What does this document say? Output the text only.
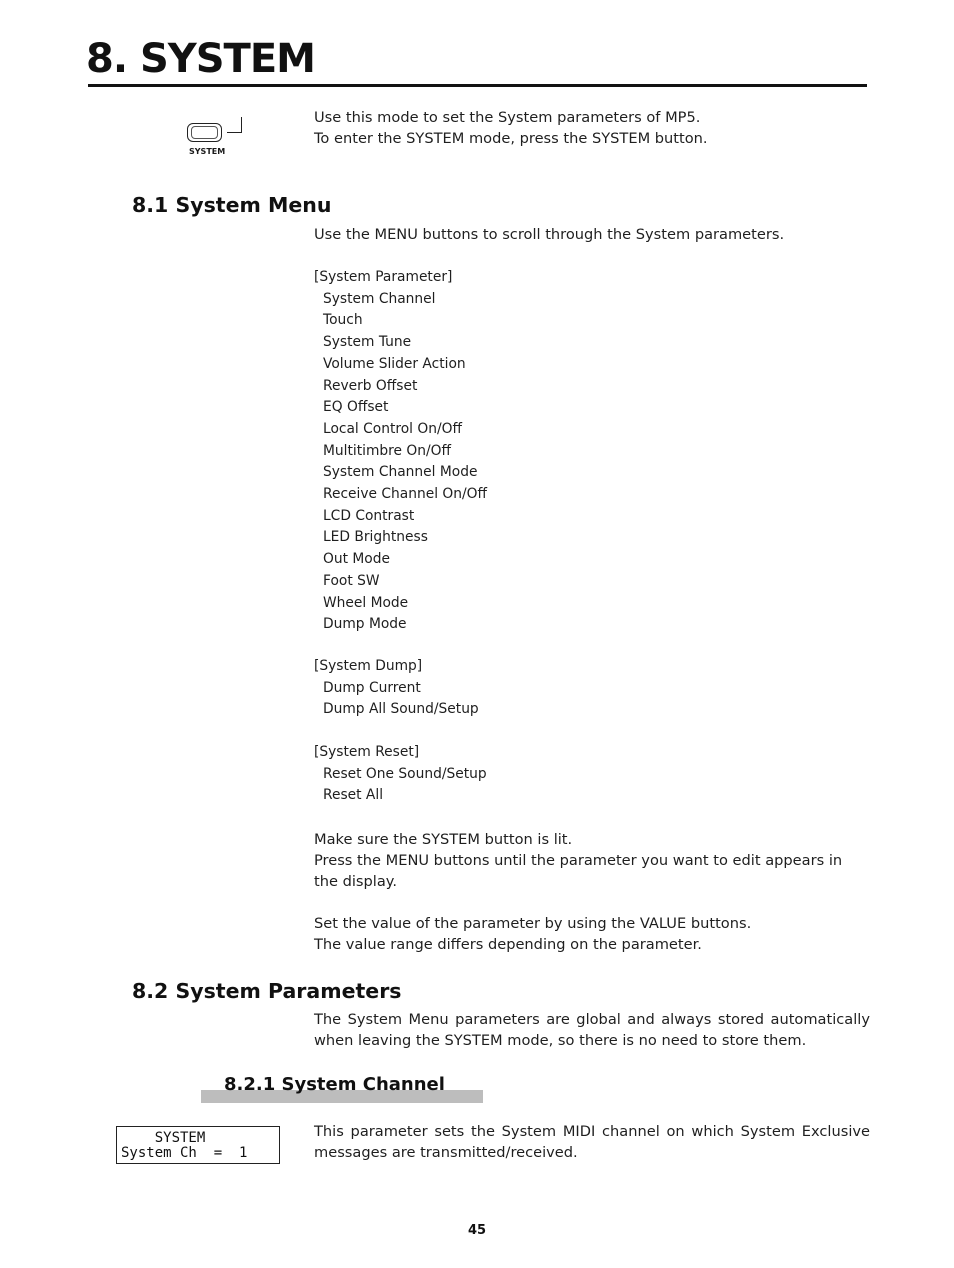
8. SYSTEM
SYSTEM
Use this mode to set the System parameters of MP5.
To enter the SYSTEM mode, press the SYSTEM button.
8.1 System Menu
Use the MENU buttons to scroll through the System parameters.
[System Parameter]
System Channel
Touch
System Tune
Volume Slider Action
Reverb Offset
EQ Offset
Local Control On/Off
Multitimbre On/Off
System Channel Mode
Receive Channel On/Off
LCD Contrast
LED Brightness
Out Mode
Foot SW
Wheel Mode
Dump Mode
[System Dump]
Dump Current
Dump All Sound/Setup
[System Reset]
Reset One Sound/Setup
Reset All
Make sure the SYSTEM button is lit.
Press the MENU buttons until the parameter you want to edit appears in the display.
Set the value of the parameter by using the VALUE buttons.
The value range differs depending on the parameter.
8.2 System Parameters
The System Menu parameters are global and always stored automatically when leaving the SYSTEM mode, so there is no need to store them.
8.2.1 System Channel
SYSTEM
System Ch  =  1
This parameter sets the System MIDI channel on which System Exclusive messages are transmitted/received.
45
